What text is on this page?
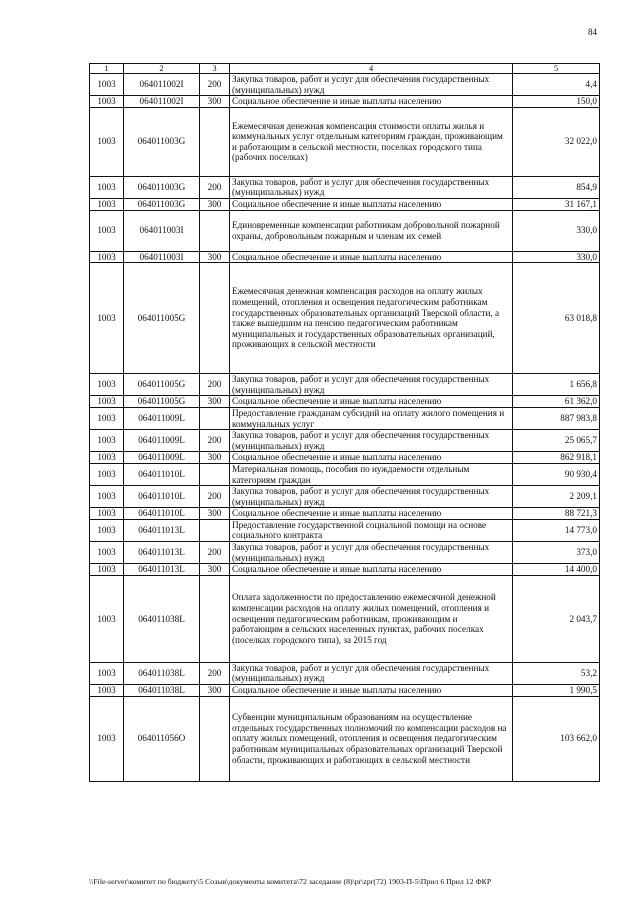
84
1	2	3	4	5
1003	064011002I	200	Закупка товаров, работ и услуг для обеспечения государственных (муниципальных) нужд	4,4
1003	064011002I	300	Социальное обеспечение и иные выплаты населению	150,0
1003	064011003G		Ежемесячная денежная компенсация стоимости оплаты жилья и коммунальных услуг отдельным категориям граждан, проживающим и работающим в сельской местности, поселках городского типа (рабочих поселках)	32 022,0
1003	064011003G	200	Закупка товаров, работ и услуг для обеспечения государственных (муниципальных) нужд	854,9
1003	064011003G	300	Социальное обеспечение и иные выплаты населению	31 167,1
1003	064011003I		Единовременные компенсации работникам добровольной пожарной охраны, добровольным пожарным и членам их семей	330,0
1003	064011003I	300	Социальное обеспечение и иные выплаты населению	330,0
1003	064011005G		Ежемесячная денежная компенсация расходов на оплату жилых помещений, отопления и освещения педагогическим работникам государственных образовательных организаций Тверской области, а также вышедшим на пенсию педагогическим работникам муниципальных и государственных образовательных организаций, проживающих в сельской местности	63 018,8
1003	064011005G	200	Закупка товаров, работ и услуг для обеспечения государственных (муниципальных) нужд	1 656,8
1003	064011005G	300	Социальное обеспечение и иные выплаты населению	61 362,0
1003	064011009L		Предоставление гражданам субсидий на оплату жилого помещения и коммунальных услуг	887 983,8
1003	064011009L	200	Закупка товаров, работ и услуг для обеспечения государственных (муниципальных) нужд	25 065,7
1003	064011009L	300	Социальное обеспечение и иные выплаты населению	862 918,1
1003	064011010L		Материальная помощь, пособия по нуждаемости отдельным категориям граждан	90 930,4
1003	064011010L	200	Закупка товаров, работ и услуг для обеспечения государственных (муниципальных) нужд	2 209,1
1003	064011010L	300	Социальное обеспечение и иные выплаты населению	88 721,3
1003	064011013L		Предоставление государственной социальной помощи на основе социального контракта	14 773,0
1003	064011013L	200	Закупка товаров, работ и услуг для обеспечения государственных (муниципальных) нужд	373,0
1003	064011013L	300	Социальное обеспечение и иные выплаты населению	14 400,0
1003	064011038L		Оплата задолженности по предоставлению ежемесячной денежной компенсации расходов на оплату жилых помещений, отопления и освещения педагогическим работникам, проживающим и работающим в сельских населенных пунктах, рабочих поселках (поселках городского типа), за 2015 год	2 043,7
1003	064011038L	200	Закупка товаров, работ и услуг для обеспечения государственных (муниципальных) нужд	53,2
1003	064011038L	300	Социальное обеспечение и иные выплаты населению	1 990,5
1003	064011056O		Субвенции муниципальным образованиям на осуществление отдельных государственных полномочий по компенсации расходов на оплату жилых помещений, отопления и освещения педагогическим работникам муниципальных образовательных организаций Тверской области, проживающих и работающих в сельской местности	103 662,0
\\File-server\комитет по бюджету\5 Созыв\документы комитета\72 заседание (8)\pr\zpr(72) 1903-П-5\Прил 6 Прил 12 ФКР
